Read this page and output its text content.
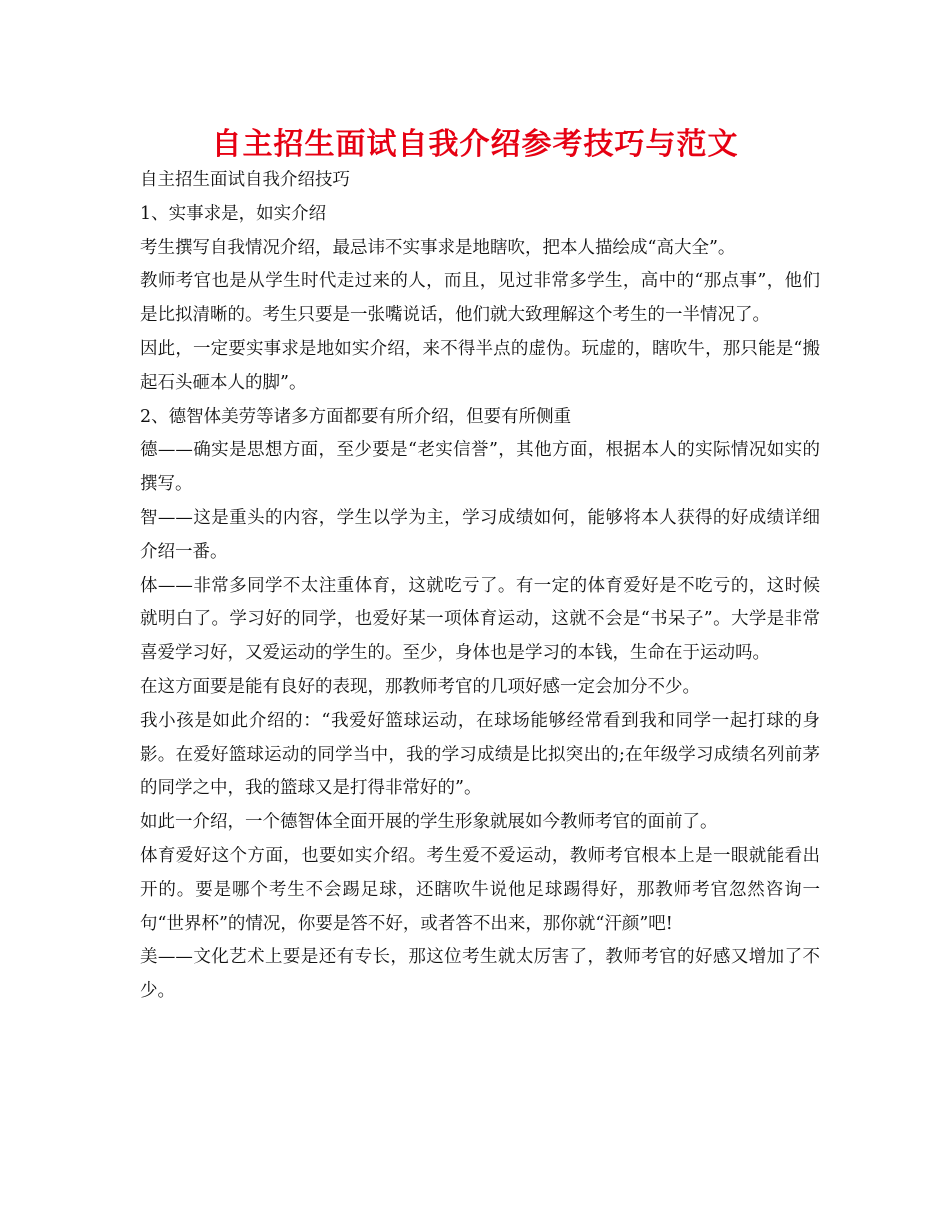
自主招生面试自我介绍参考技巧与范文

自主招生面试自我介绍技巧

1、实事求是，如实介绍

考生撰写自我情况介绍，最忌讳不实事求是地瞎吹，把本人描绘成“高大全”。

教师考官也是从学生时代走过来的人，而且，见过非常多学生，高中的“那点事”，他们是比拟清晰的。考生只要是一张嘴说话，他们就大致理解这个考生的一半情况了。

因此，一定要实事求是地如实介绍，来不得半点的虚伪。玩虚的，瞎吹牛，那只能是“搬起石头砸本人的脚”。

2、德智体美劳等诸多方面都要有所介绍，但要有所侧重

德——确实是思想方面，至少要是“老实信誉”，其他方面，根据本人的实际情况如实的撰写。

智——这是重头的内容，学生以学为主，学习成绩如何，能够将本人获得的好成绩详细介绍一番。

体——非常多同学不太注重体育，这就吃亏了。有一定的体育爱好是不吃亏的，这时候就明白了。学习好的同学，也爱好某一项体育运动，这就不会是“书呆子”。大学是非常喜爱学习好，又爱运动的学生的。至少，身体也是学习的本钱，生命在于运动吗。

在这方面要是能有良好的表现，那教师考官的几项好感一定会加分不少。

我小孩是如此介绍的：“我爱好篮球运动，在球场能够经常看到我和同学一起打球的身影。在爱好篮球运动的同学当中，我的学习成绩是比拟突出的;在年级学习成绩名列前茅的同学之中，我的篮球又是打得非常好的”。

如此一介绍，一个德智体全面开展的学生形象就展如今教师考官的面前了。

体育爱好这个方面，也要如实介绍。考生爱不爱运动，教师考官根本上是一眼就能看出开的。要是哪个考生不会踢足球，还瞎吹牛说他足球踢得好，那教师考官忽然咨询一句“世界杯”的情况，你要是答不好，或者答不出来，那你就“汗颜”吧!

美——文化艺术上要是还有专长，那这位考生就太厉害了，教师考官的好感又增加了不少。
